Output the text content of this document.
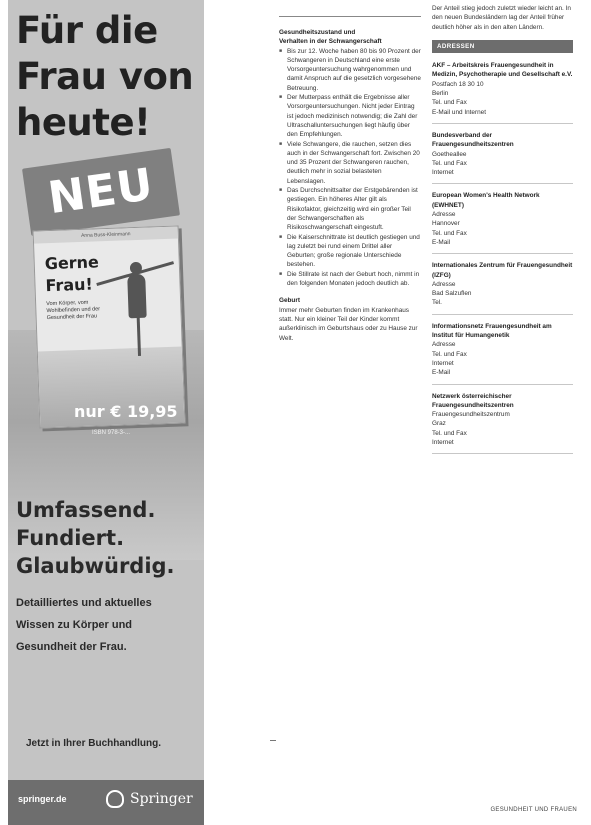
Für die
Frau von
heute!
NEU
Anna Buss-Kleinmann
Gerne
Frau!
Vom Körper, vom Wohlbefinden und der Gesundheit der Frau
nur € 19,95
ISBN 978-3-...
Umfassend.
Fundiert.
Glaubwürdig.
Detailliertes und aktuelles
Wissen zu Körper und
Gesundheit der Frau.
Jetzt in Ihrer Buchhandlung.
springer.de	Springer
Gesundheitszustand und
Verhalten in der Schwangerschaft
■ Bis zur 12. Woche haben 80 bis 90 Prozent der Schwangeren in Deutschland eine erste Vorsorgeuntersuchung wahrgenommen und damit Anspruch auf die gesetzlich vorgesehene Betreuung.
■ Der Mutterpass enthält die Ergebnisse aller Vorsorgeuntersuchungen. Nicht jeder Eintrag ist jedoch medizinisch notwendig; die Zahl der Ultraschalluntersuchungen liegt häufig über den Empfehlungen.
■ Viele Schwangere, die rauchen, setzen dies auch in der Schwangerschaft fort. Zwischen 20 und 35 Prozent der Schwangeren rauchen, deutlich mehr in sozial belasteten Lebenslagen.
■ Das Durchschnittsalter der Erstgebärenden ist gestiegen. Ein höheres Alter gilt als Risikofaktor, gleichzeitig wird ein großer Teil der Schwangerschaften als Risikoschwangerschaft eingestuft.
■ Die Kaiserschnittrate ist deutlich gestiegen und lag zuletzt bei rund einem Drittel aller Geburten; große regionale Unterschiede bestehen.
■ Die Stillrate ist nach der Geburt hoch, nimmt in den folgenden Monaten jedoch deutlich ab.
Geburt
Immer mehr Geburten finden im Krankenhaus statt. Nur ein kleiner Teil der Kinder kommt außerklinisch im Geburtshaus oder zu Hause zur Welt.
Der Anteil stieg jedoch zuletzt wieder leicht an. In den neuen Bundesländern lag der Anteil früher deutlich höher als in den alten Ländern.
ADRESSEN
AKF – Arbeitskreis Frauengesundheit in Medizin, Psychotherapie und Gesellschaft e.V.
Postfach 18 30 10
Berlin
Tel. und Fax
E-Mail und Internet
Bundesverband der Frauengesundheitszentren
Goetheallee
Tel. und Fax
Internet
European Women's Health Network (EWHNET)
Adresse
Hannover
Tel. und Fax
E-Mail
Internationales Zentrum für Frauengesundheit (IZFG)
Adresse
Bad Salzuflen
Tel.
Informationsnetz Frauengesundheit am Institut für Humangenetik
Adresse
Tel. und Fax
Internet
E-Mail
Netzwerk österreichischer Frauengesundheitszentren
Frauengesundheitszentrum
Graz
Tel. und Fax
Internet
GESUNDHEIT UND FRAUEN
